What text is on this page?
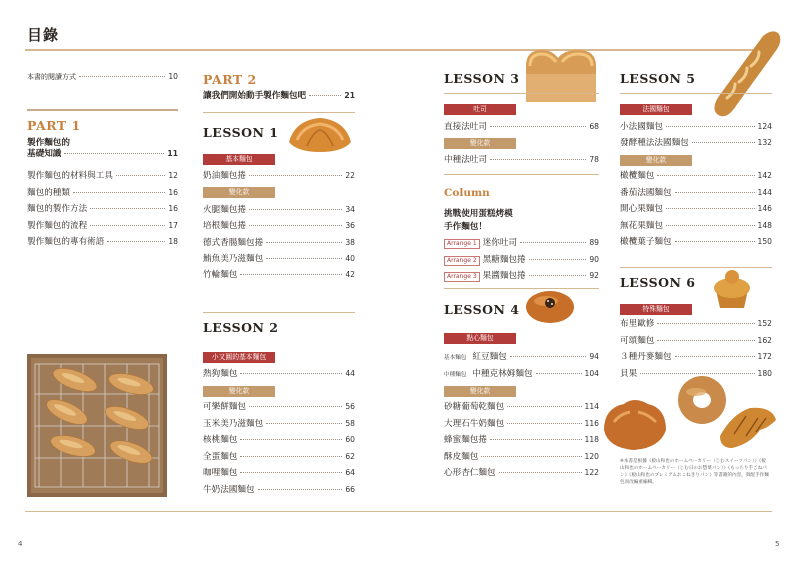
目錄
本書的閱讀方式	10
PART 1
製作麵包的
基礎知識	11
製作麵包的材料與工具	12
麵包的種類	16
麵包的製作方法	16
製作麵包的流程	17
製作麵包的專有術語	18
PART 2
讓我們開始動手製作麵包吧	21
LESSON 1
基本麵包
奶油麵包捲	22
變化款
火腿麵包捲	34
培根麵包捲	36
德式香腸麵包捲	38
鮪魚美乃滋麵包	40
竹輪麵包	42
LESSON 2
小又圓的基本麵包
熱狗麵包	44
變化款
可樂餅麵包	56
玉米美乃滋麵包	58
核桃麵包	60
全蛋麵包	62
咖哩麵包	64
牛奶法國麵包	66
LESSON 3
吐司
直接法吐司	68
變化款
中種法吐司	78
Column
挑戰使用蛋糕烤模
手作麵包！
Arrange 1 迷你吐司	89
Arrange 2 黑糖麵包捲	90
Arrange 3 果醬麵包捲	92
LESSON 4
點心麵包
基本麵包 紅豆麵包	94
中種麵包 中種克林姆麵包	104
變化款
砂糖葡萄乾麵包	114
大理石牛奶麵包	116
蜂蜜麵包捲	118
酥皮麵包	120
心形杏仁麵包	122
LESSON 5
法國麵包
小法國麵包	124
發酵種法法國麵包	132
變化款
橄欖麵包	142
番茄法國麵包	144
開心果麵包	146
無花果麵包	148
橄欖葉子麵包	150
LESSON 6
特殊麵包
布里歐修	152
可頌麵包	162
３種丹麥麵包	172
貝果	180
※本書是根據《板山和也のホームベーカリー（じむスイーツパン）》《板山和也のホームベーカリー（じむ日のお惣菜パン）》《もっちり手ごねパン》《板山和也のプレミアムおこねきりパン》等書籍的內容，與配手作麵包而改編重編輯。
4	5
